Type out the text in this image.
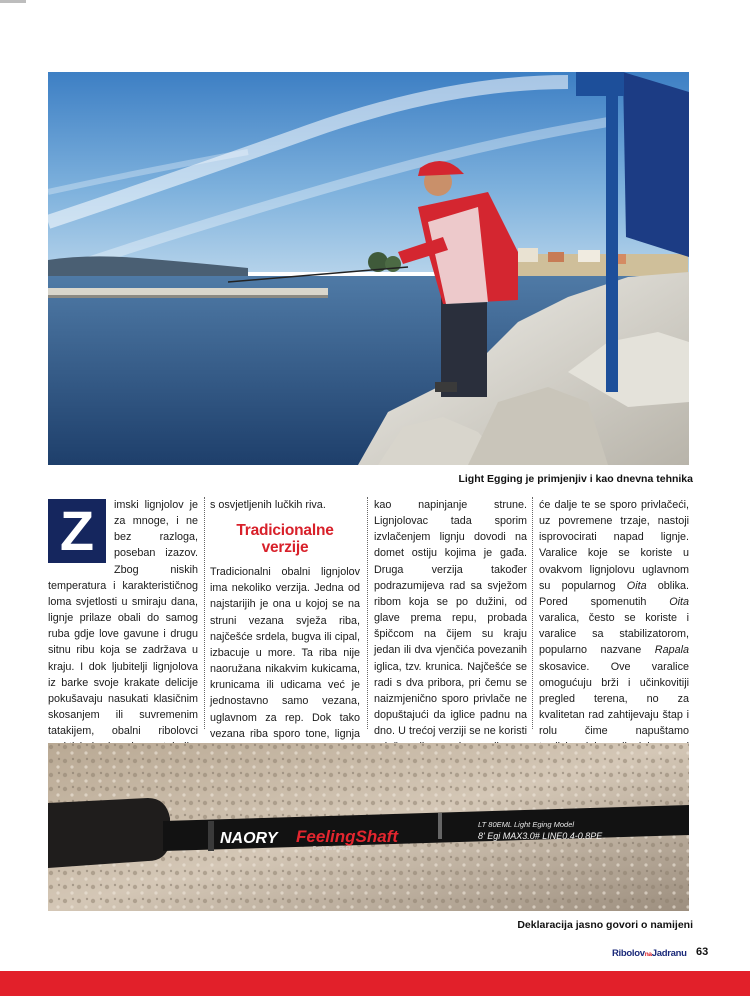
Light Egging je primjenjiv i kao dnevna tehnika
Z	imski lignjolov je za mnoge, i ne bez razloga, poseban izazov. Zbog niskih temperatura i karakterističnog loma svjetlosti u smiraju dana, lignje prilaze obali do samog ruba gdje love gavune i drugu sitnu ribu koja se zadržava u kraju. I dok ljubitelji lignjolova iz barke svoje krakate delicije pokušavaju nasukati klasičnim skosanjem ili suvremenim tatakijem, obalni ribolovci

s osvjetljenih lučkih riva.

Tradicionalne
verzije

Tradicionalni obalni lignjolov ima nekoliko verzija. Jedna od najstarijih je ona u kojoj se na struni vezana svježa riba, najčešće srdela, bugva ili cipal, izbacuje u more. Ta riba nije naoružana nikakvim kukicama, krunicama ili udicama već je jednostavno samo vezana, uglavnom za rep. Dok tako vezana riba sporo tone, lignja

kao napinjanje strune. Lignjolovac tada sporim izvlačenjem lignju dovodi na domet ostiju kojima je gađa. Druga verzija također podrazumijeva rad sa svježom ribom koja se po dužini, od glave prema repu, probada špičcom na čijem su kraju jedan ili dva vjenčića povezanih iglica, tzv. krunica. Najčešće se radi s dva pribora, pri čemu se naizmjenično sporo privlače ne dopuštajući da iglice padnu na dno. U trećoj verziji se ne koristi

će dalje te se sporo privlačeći, uz povremene trzaje, nastoji isprovocirati napad lignje. Varalice koje se koriste u ovakvom lignjolovu uglavnom su popularnog Oita oblika. Pored spomenutih Oita varalica, često se koriste i varalice sa stabilizatorom, popularno nazvane Rapala skosavice. Ove varalice omogućuju brži i učinkovitiji pregled terena, no za kvalitetan rad zahtijevaju štap i rolu čime napuštamo

NAORY FeelingShaft
Don't think, FEEL!
LT 80EML Light Eging Model
8' Egi MAX3.0# LINE0.4-0.8PE
Deklaracija jasno govori o namijeni
RibolovnaJadranu 63
